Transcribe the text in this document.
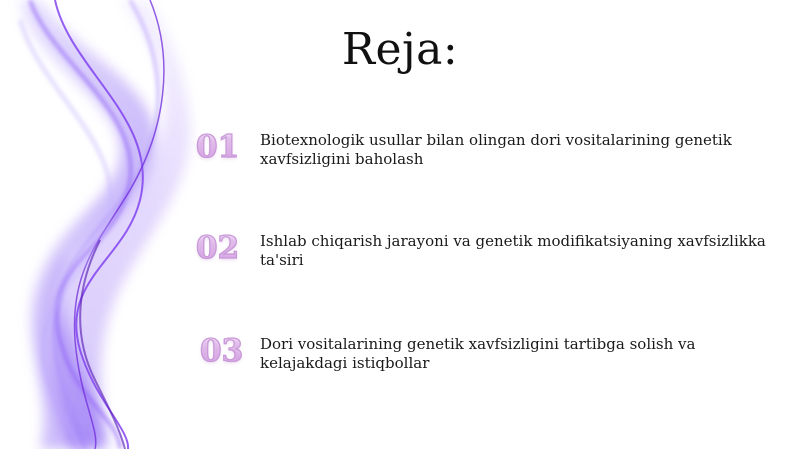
Reja:
01	Biotexnologik usullar bilan olingan dori vositalarining genetik xavfsizligini baholash
02	Ishlab chiqarish jarayoni va genetik modifikatsiyaning xavfsizlikka ta'siri
03	Dori vositalarining genetik xavfsizligini tartibga solish va kelajakdagi istiqbollar
